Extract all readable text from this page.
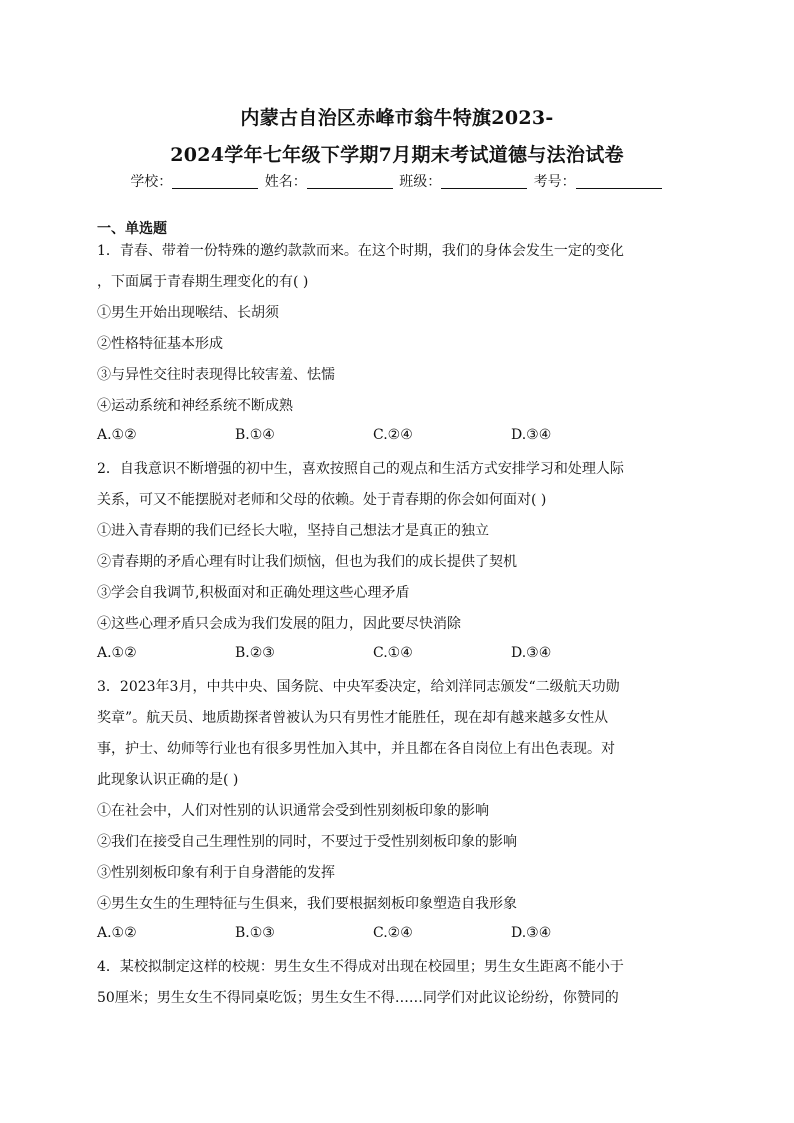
内蒙古自治区赤峰市翁牛特旗2023-
2024学年七年级下学期7月期末考试道德与法治试卷
学校：	姓名：	班级：	考号：
一、单选题
1．青春、带着一份特殊的邀约款款而来。在这个时期，我们的身体会发生一定的变化
，下面属于青春期生理变化的有( )
①男生开始出现喉结、长胡须
②性格特征基本形成
③与异性交往时表现得比较害羞、怯懦
④运动系统和神经系统不断成熟
A.①②	B.①④	C.②④	D.③④
2．自我意识不断增强的初中生，喜欢按照自己的观点和生活方式安排学习和处理人际
关系，可又不能摆脱对老师和父母的依赖。处于青春期的你会如何面对( )
①进入青春期的我们已经长大啦，坚持自己想法才是真正的独立
②青春期的矛盾心理有时让我们烦恼，但也为我们的成长提供了契机
③学会自我调节,积极面对和正确处理这些心理矛盾
④这些心理矛盾只会成为我们发展的阻力，因此要尽快消除
A.①②	B.②③	C.①④	D.③④
3．2023年3月，中共中央、国务院、中央军委决定，给刘洋同志颁发“二级航天功勋
奖章”。航天员、地质勘探者曾被认为只有男性才能胜任，现在却有越来越多女性从
事，护士、幼师等行业也有很多男性加入其中，并且都在各自岗位上有出色表现。对
此现象认识正确的是( )
①在社会中，人们对性别的认识通常会受到性别刻板印象的影响
②我们在接受自己生理性别的同时，不要过于受性别刻板印象的影响
③性别刻板印象有利于自身潜能的发挥
④男生女生的生理特征与生俱来，我们要根据刻板印象塑造自我形象
A.①②	B.①③	C.②④	D.③④
4．某校拟制定这样的校规：男生女生不得成对出现在校园里；男生女生距离不能小于
50厘米；男生女生不得同桌吃饭；男生女生不得……同学们对此议论纷纷，你赞同的
